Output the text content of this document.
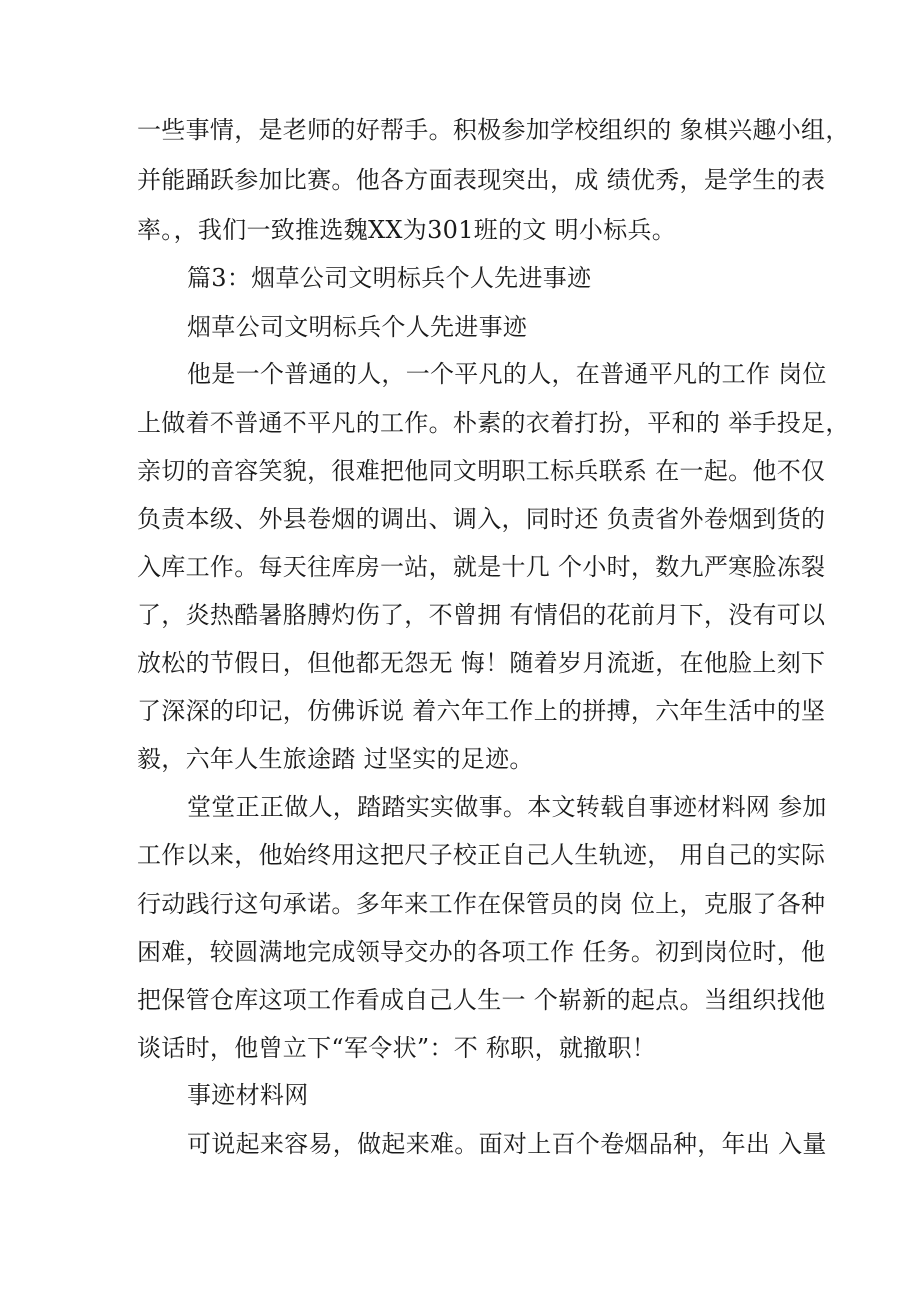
一些事情，是老师的好帮手。积极参加学校组织的 象棋兴趣小组，
并能踊跃参加比赛。他各方面表现突出，成 绩优秀，是学生的表
率。，我们一致推选魏XX为301班的文 明小标兵。
篇3：烟草公司文明标兵个人先进事迹
烟草公司文明标兵个人先进事迹
他是一个普通的人，一个平凡的人，在普通平凡的工作 岗位
上做着不普通不平凡的工作。朴素的衣着打扮，平和的 举手投足，
亲切的音容笑貌，很难把他同文明职工标兵联系 在一起。他不仅
负责本级、外县卷烟的调出、调入，同时还 负责省外卷烟到货的
入库工作。每天往库房一站，就是十几 个小时，数九严寒脸冻裂
了，炎热酷暑胳膊灼伤了，不曾拥 有情侣的花前月下，没有可以
放松的节假日，但他都无怨无 悔！随着岁月流逝，在他脸上刻下
了深深的印记，仿佛诉说 着六年工作上的拼搏，六年生活中的坚
毅，六年人生旅途踏 过坚实的足迹。
堂堂正正做人，踏踏实实做事。本文转载自事迹材料网 参加
工作以来，他始终用这把尺子校正自己人生轨迹， 用自己的实际
行动践行这句承诺。多年来工作在保管员的岗 位上，克服了各种
困难，较圆满地完成领导交办的各项工作 任务。初到岗位时，他
把保管仓库这项工作看成自己人生一 个崭新的起点。当组织找他
谈话时，他曾立下“军令状”：不 称职，就撤职！
事迹材料网
可说起来容易，做起来难。面对上百个卷烟品种，年出 入量
